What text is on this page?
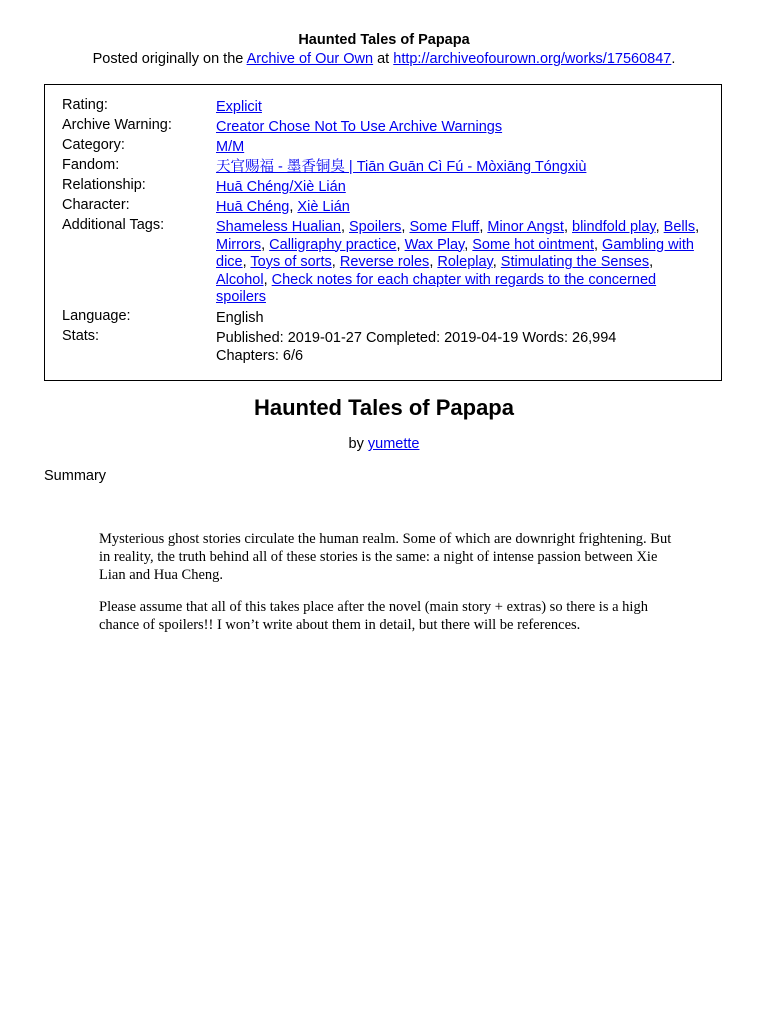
Haunted Tales of Papapa
Posted originally on the Archive of Our Own at http://archiveofourown.org/works/17560847.
Rating:	Explicit
Archive Warning:	Creator Chose Not To Use Archive Warnings
Category:	M/M
Fandom:	天官赐福 - 墨香铜臭 | Tiān Guān Cì Fú - Mòxiāng Tóngxiù
Relationship:	Huā Chéng/Xiè Lián
Character:	Huā Chéng, Xiè Lián
Additional Tags:	Shameless Hualian, Spoilers, Some Fluff, Minor Angst, blindfold play, Bells, Mirrors, Calligraphy practice, Wax Play, Some hot ointment, Gambling with dice, Toys of sorts, Reverse roles, Roleplay, Stimulating the Senses, Alcohol, Check notes for each chapter with regards to the concerned spoilers
Language:	English
Stats:	Published: 2019-01-27 Completed: 2019-04-19 Words: 26,994
Chapters: 6/6
Haunted Tales of Papapa
by yumette
Summary

Mysterious ghost stories circulate the human realm. Some of which are downright frightening. But in reality, the truth behind all of these stories is the same: a night of intense passion between Xie Lian and Hua Cheng.

Please assume that all of this takes place after the novel (main story + extras) so there is a high chance of spoilers!! I won’t write about them in detail, but there will be references.
